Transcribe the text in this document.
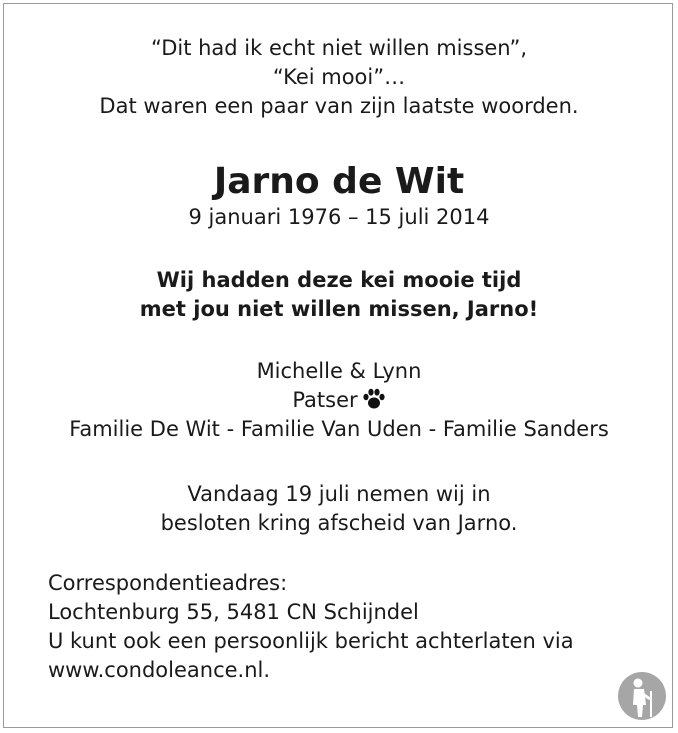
“Dit had ik echt niet willen missen”,
“Kei mooi”…
Dat waren een paar van zijn laatste woorden.
Jarno de Wit
9 januari 1976 – 15 juli 2014
Wij hadden deze kei mooie tijd
met jou niet willen missen, Jarno!
Michelle & Lynn
Patser
Familie De Wit - Familie Van Uden - Familie Sanders
Vandaag 19 juli nemen wij in
besloten kring afscheid van Jarno.
Correspondentieadres:
Lochtenburg 55, 5481 CN Schijndel
U kunt ook een persoonlijk bericht achterlaten via
www.condoleance.nl.
